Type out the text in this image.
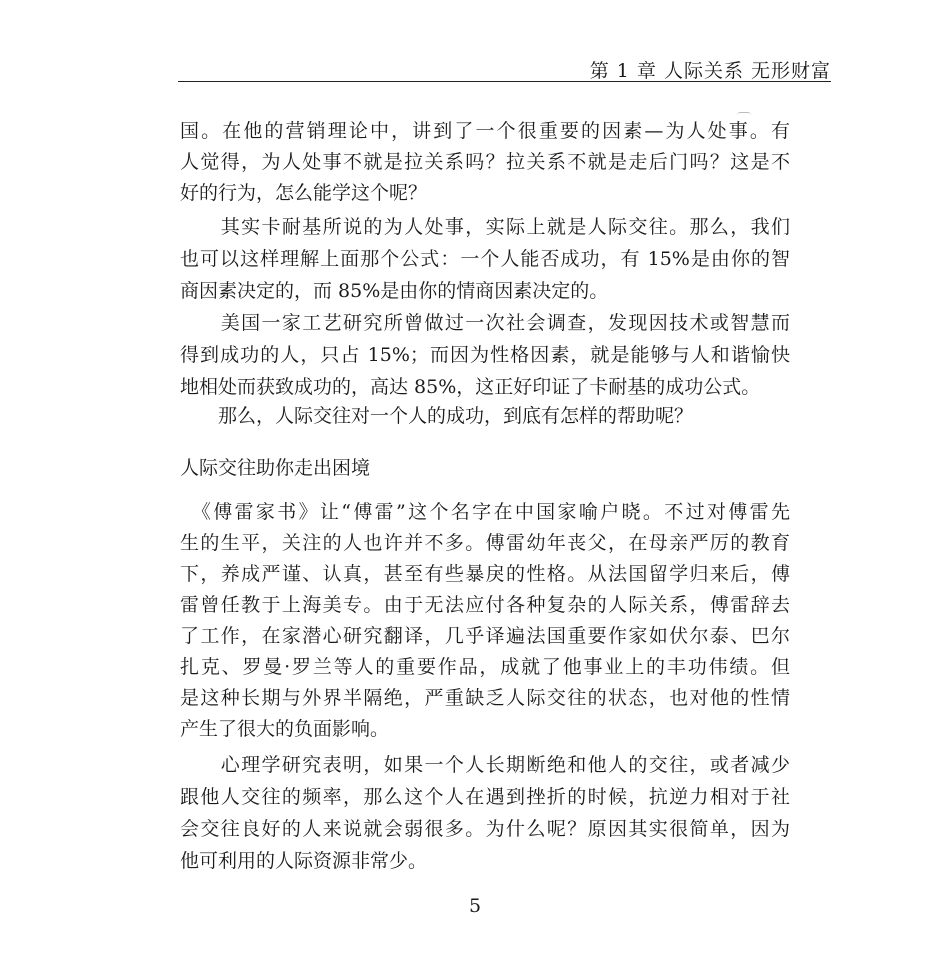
第 1 章 人际关系 无形财富
国。在他的营销理论中，讲到了一个很重要的因素—为人处事。有
人觉得，为人处事不就是拉关系吗？拉关系不就是走后门吗？这是不
好的行为，怎么能学这个呢？
　　其实卡耐基所说的为人处事，实际上就是人际交往。那么，我们
也可以这样理解上面那个公式：一个人能否成功，有 15%是由你的智
商因素决定的，而 85%是由你的情商因素决定的。
　　美国一家工艺研究所曾做过一次社会调查，发现因技术或智慧而
得到成功的人，只占 15%；而因为性格因素，就是能够与人和谐愉快
地相处而获致成功的，高达 85%，这正好印证了卡耐基的成功公式。
　　那么，人际交往对一个人的成功，到底有怎样的帮助呢？
人际交往助你走出困境
　《傅雷家书》让“傅雷”这个名字在中国家喻户晓。不过对傅雷先
生的生平，关注的人也许并不多。傅雷幼年丧父，在母亲严厉的教育
下，养成严谨、认真，甚至有些暴戾的性格。从法国留学归来后，傅
雷曾任教于上海美专。由于无法应付各种复杂的人际关系，傅雷辞去
了工作，在家潜心研究翻译，几乎译遍法国重要作家如伏尔泰、巴尔
扎克、罗曼·罗兰等人的重要作品，成就了他事业上的丰功伟绩。但
是这种长期与外界半隔绝，严重缺乏人际交往的状态，也对他的性情
产生了很大的负面影响。
　　心理学研究表明，如果一个人长期断绝和他人的交往，或者减少
跟他人交往的频率，那么这个人在遇到挫折的时候，抗逆力相对于社
会交往良好的人来说就会弱很多。为什么呢？原因其实很简单，因为
他可利用的人际资源非常少。
5
